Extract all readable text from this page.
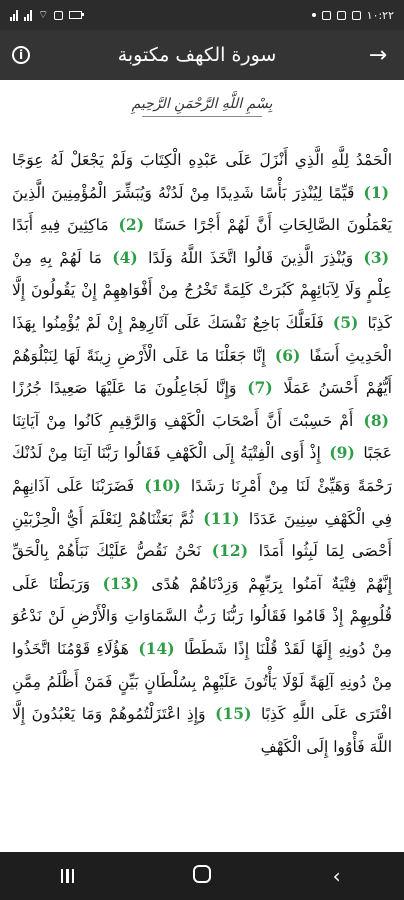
⌔	١٠:٢٢
i	سورة الكهف مكتوبة	→
بِسْمِ اللَّهِ الرَّحْمَنِ الرَّحِيمِ
الْحَمْدُ لِلَّهِ الَّذِي أَنْزَلَ عَلَى عَبْدِهِ الْكِتَابَ وَلَمْ يَجْعَلْ لَهُ عِوَجًا (1) قَيِّمًا لِيُنْذِرَ بَأْسًا شَدِيدًا مِنْ لَدُنْهُ وَيُبَشِّرَ الْمُؤْمِنِينَ الَّذِينَ يَعْمَلُونَ الصَّالِحَاتِ أَنَّ لَهُمْ أَجْرًا حَسَنًا (2) مَاكِثِينَ فِيهِ أَبَدًا (3) وَيُنْذِرَ الَّذِينَ قَالُوا اتَّخَذَ اللَّهُ وَلَدًا (4) مَا لَهُمْ بِهِ مِنْ عِلْمٍ وَلَا لِآبَائِهِمْ كَبُرَتْ كَلِمَةً تَخْرُجُ مِنْ أَفْوَاهِهِمْ إِنْ يَقُولُونَ إِلَّا كَذِبًا (5) فَلَعَلَّكَ بَاخِعٌ نَفْسَكَ عَلَى آثَارِهِمْ إِنْ لَمْ يُؤْمِنُوا بِهَذَا الْحَدِيثِ أَسَفًا (6) إِنَّا جَعَلْنَا مَا عَلَى الْأَرْضِ زِينَةً لَهَا لِنَبْلُوَهُمْ أَيُّهُمْ أَحْسَنُ عَمَلًا (7) وَإِنَّا لَجَاعِلُونَ مَا عَلَيْهَا صَعِيدًا جُرُزًا (8) أَمْ حَسِبْتَ أَنَّ أَصْحَابَ الْكَهْفِ وَالرَّقِيمِ كَانُوا مِنْ آيَاتِنَا عَجَبًا (9) إِذْ أَوَى الْفِتْيَةُ إِلَى الْكَهْفِ فَقَالُوا رَبَّنَا آتِنَا مِنْ لَدُنْكَ رَحْمَةً وَهَيِّئْ لَنَا مِنْ أَمْرِنَا رَشَدًا (10) فَضَرَبْنَا عَلَى آذَانِهِمْ فِي الْكَهْفِ سِنِينَ عَدَدًا (11) ثُمَّ بَعَثْنَاهُمْ لِنَعْلَمَ أَيُّ الْحِزْبَيْنِ أَحْصَى لِمَا لَبِثُوا أَمَدًا (12) نَحْنُ نَقُصُّ عَلَيْكَ نَبَأَهُمْ بِالْحَقِّ إِنَّهُمْ فِتْيَةٌ آمَنُوا بِرَبِّهِمْ وَزِدْنَاهُمْ هُدًى (13) وَرَبَطْنَا عَلَى قُلُوبِهِمْ إِذْ قَامُوا فَقَالُوا رَبُّنَا رَبُّ السَّمَاوَاتِ وَالْأَرْضِ لَنْ نَدْعُوَ مِنْ دُونِهِ إِلَهًا لَقَدْ قُلْنَا إِذًا شَطَطًا (14) هَؤُلَاءِ قَوْمُنَا اتَّخَذُوا مِنْ دُونِهِ آلِهَةً لَوْلَا يَأْتُونَ عَلَيْهِمْ بِسُلْطَانٍ بَيِّنٍ فَمَنْ أَظْلَمُ مِمَّنِ افْتَرَى عَلَى اللَّهِ كَذِبًا (15) وَإِذِ اعْتَزَلْتُمُوهُمْ وَمَا يَعْبُدُونَ إِلَّا اللَّهَ فَأْوُوا إِلَى الْكَهْفِ
‹
